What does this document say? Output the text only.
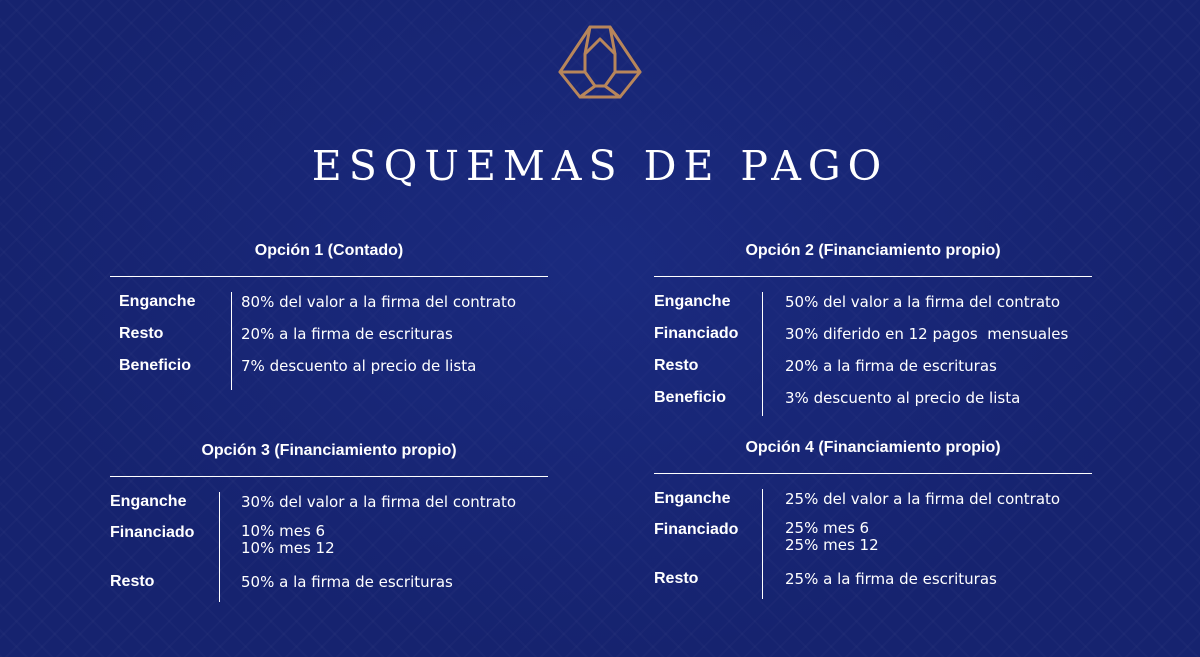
ESQUEMAS DE PAGO
Opción 1 (Contado)
Enganche	80% del valor a la firma del contrato
Resto	20% a la firma de escrituras
Beneficio	7% descuento al precio de lista
Opción 2 (Financiamiento propio)
Enganche	50% del valor a la firma del contrato
Financiado	30% diferido en 12 pagos  mensuales
Resto	20% a la firma de escrituras
Beneficio	3% descuento al precio de lista
Opción 3 (Financiamiento propio)
Enganche	30% del valor a la firma del contrato
Financiado	10% mes 6
10% mes 12
Resto	50% a la firma de escrituras
Opción 4 (Financiamiento propio)
Enganche	25% del valor a la firma del contrato
Financiado	25% mes 6
25% mes 12
Resto	25% a la firma de escrituras
